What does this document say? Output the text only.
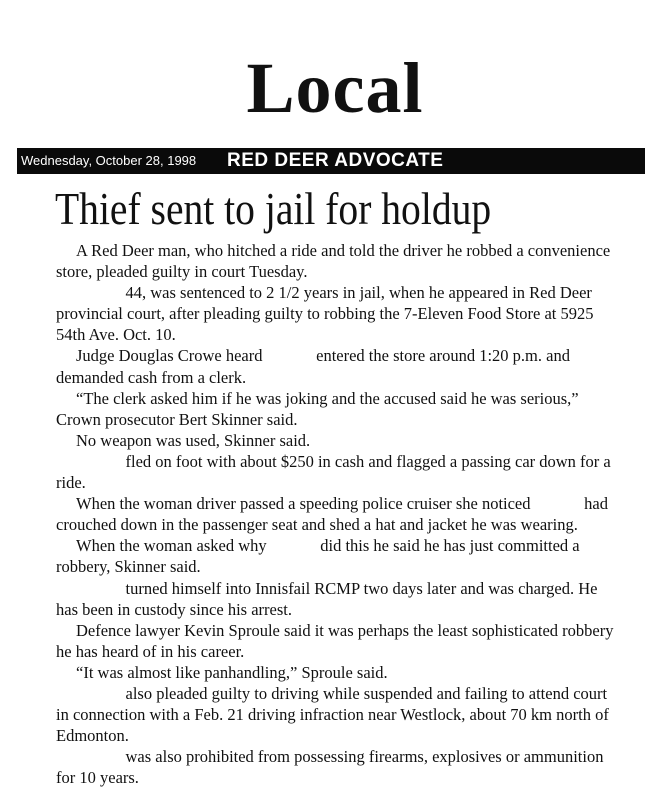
Local
Wednesday, October 28, 1998 RED DEER ADVOCATE
Thief sent to jail for holdup

A Red Deer man, who hitched a ride and told the driver he robbed a convenience store, pleaded guilty in court Tuesday.

44, was sentenced to 2 1/2 years in jail, when he appeared in Red Deer provincial court, after pleading guilty to robbing the 7-Eleven Food Store at 5925 54th Ave. Oct. 10.

Judge Douglas Crowe heard             entered the store around 1:20 p.m. and demanded cash from a clerk.

“The clerk asked him if he was joking and the accused said he was serious,” Crown prosecutor Bert Skinner said.

No weapon was used, Skinner said.

fled on foot with about $250 in cash and flagged a passing car down for a ride.

When the woman driver passed a speeding police cruiser she noticed             had crouched down in the passenger seat and shed a hat and jacket he was wearing.

When the woman asked why             did this he said he has just committed a robbery, Skinner said.

turned himself into Innisfail RCMP two days later and was charged. He has been in custody since his arrest.

Defence lawyer Kevin Sproule said it was perhaps the least sophisticated robbery he has heard of in his career.

“It was almost like panhandling,” Sproule said.

also pleaded guilty to driving while suspended and failing to attend court in connection with a Feb. 21 driving infraction near Westlock, about 70 km north of Edmonton.

was also prohibited from possessing firearms, explosives or ammunition for 10 years.
